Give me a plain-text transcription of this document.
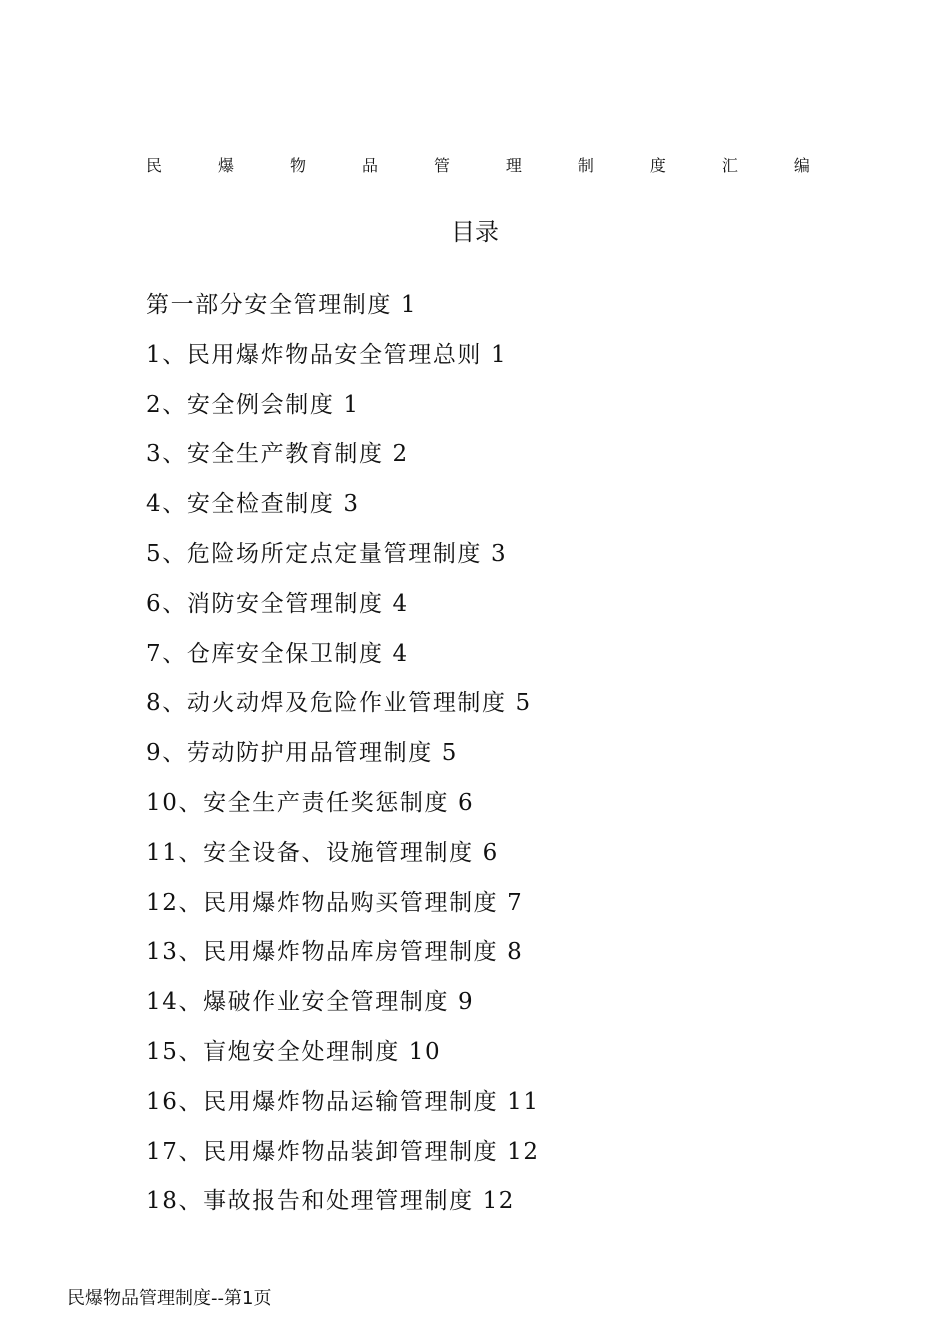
民	爆	物	品	管	理	制	度	汇	编
目录
第一部分安全管理制度 1
1、民用爆炸物品安全管理总则 1
2、安全例会制度 1
3、安全生产教育制度 2
4、安全检查制度 3
5、危险场所定点定量管理制度 3
6、消防安全管理制度 4
7、仓库安全保卫制度 4
8、动火动焊及危险作业管理制度 5
9、劳动防护用品管理制度 5
10、安全生产责任奖惩制度 6
11、安全设备、设施管理制度 6
12、民用爆炸物品购买管理制度 7
13、民用爆炸物品库房管理制度 8
14、爆破作业安全管理制度 9
15、盲炮安全处理制度 10
16、民用爆炸物品运输管理制度 11
17、民用爆炸物品装卸管理制度 12
18、事故报告和处理管理制度 12
民爆物品管理制度--第1页
